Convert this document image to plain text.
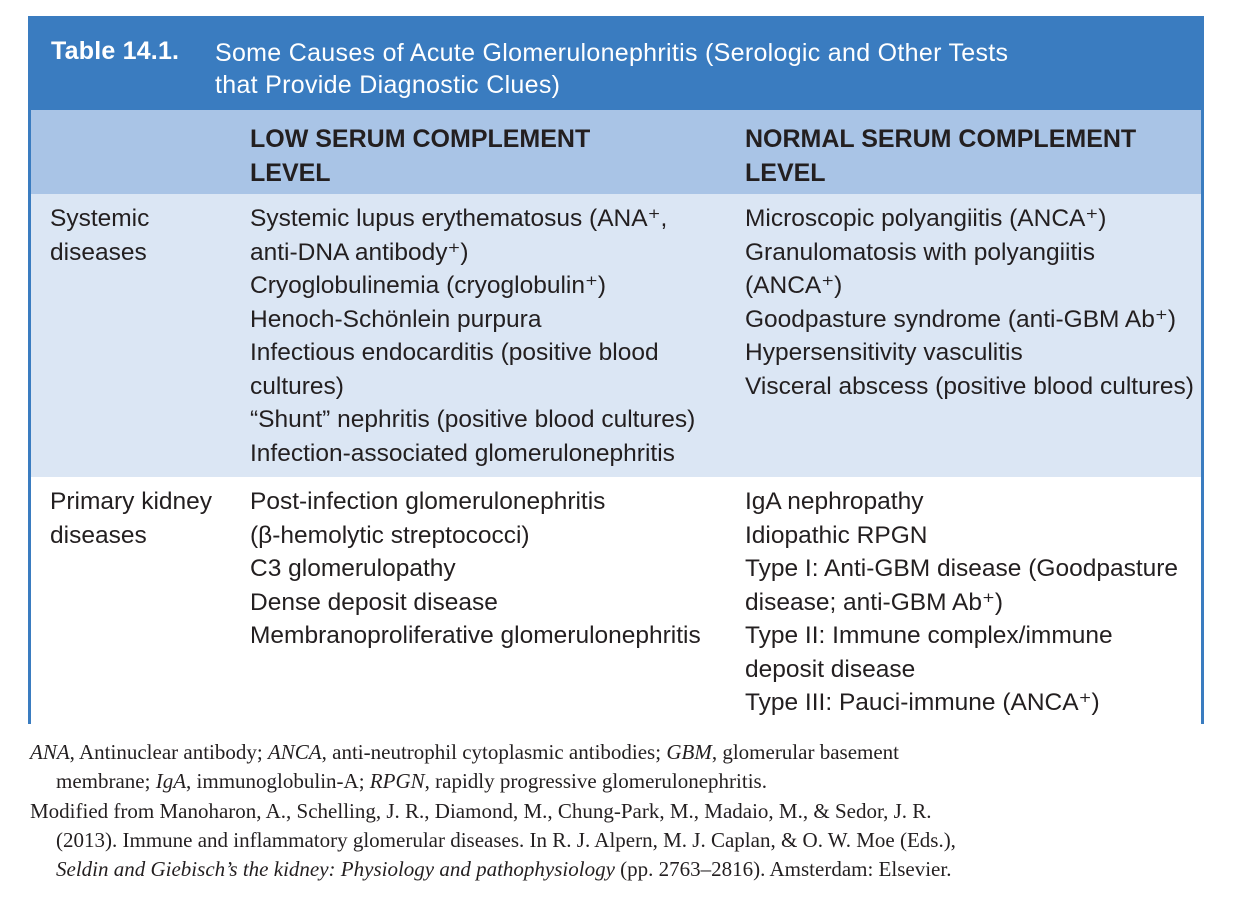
Table 14.1. Some Causes of Acute Glomerulonephritis (Serologic and Other Tests
that Provide Diagnostic Clues)
LOW SERUM COMPLEMENT
LEVEL
NORMAL SERUM COMPLEMENT
LEVEL
Systemic
diseases
Systemic lupus erythematosus (ANA⁺,
anti-DNA antibody⁺)
Cryoglobulinemia (cryoglobulin⁺)
Henoch-Schönlein purpura
Infectious endocarditis (positive blood
cultures)
“Shunt” nephritis (positive blood cultures)
Infection-associated glomerulonephritis
Microscopic polyangiitis (ANCA⁺)
Granulomatosis with polyangiitis
(ANCA⁺)
Goodpasture syndrome (anti-GBM Ab⁺)
Hypersensitivity vasculitis
Visceral abscess (positive blood cultures)
Primary kidney
diseases
Post-infection glomerulonephritis
(β-hemolytic streptococci)
C3 glomerulopathy
Dense deposit disease
Membranoproliferative glomerulonephritis
IgA nephropathy
Idiopathic RPGN
Type I: Anti-GBM disease (Goodpasture
disease; anti-GBM Ab⁺)
Type II: Immune complex/immune
deposit disease
Type III: Pauci-immune (ANCA⁺)
ANA, Antinuclear antibody; ANCA, anti-neutrophil cytoplasmic antibodies; GBM, glomerular basement
membrane; IgA, immunoglobulin-A; RPGN, rapidly progressive glomerulonephritis.
Modified from Manoharon, A., Schelling, J. R., Diamond, M., Chung-Park, M., Madaio, M., & Sedor, J. R.
(2013). Immune and inflammatory glomerular diseases. In R. J. Alpern, M. J. Caplan, & O. W. Moe (Eds.),
Seldin and Giebisch’s the kidney: Physiology and pathophysiology (pp. 2763–2816). Amsterdam: Elsevier.
